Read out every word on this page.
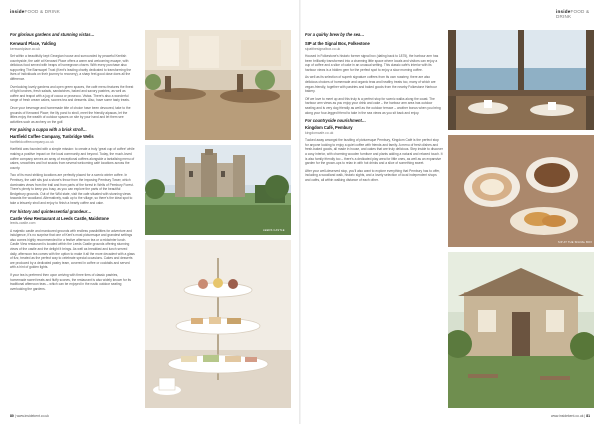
insideFOOD & DRINK	insideFOOD & DRINK
For glorious gardens and stunning vistas…
Kenward Place, Yalding
kenwardplace.co.uk

Set within a beautifully kept Georgian house and surrounded by peaceful Kentish countryside, the café at Kenward Place offers a warm and welcoming escape, with delicious food served with heaps of homegrown charm. With every purchase also supporting The Barnsapel Trust (Kent's leading charity dedicated to transforming the lives of individuals on their journey to recovery), a sharp feel-good dose does all the difference.

Overlooking lovely gardens and open green spaces, the café menu features the finest of light lunches, fresh salads, sandwiches, baked and savory pastries, as well as coffee and teapot with a jug of cocoa or prosecco. Vistas. There's also a wonderful range of fresh cream cakes, scones tea and desserts. Also, have some tasty treats.

Once your beverage and homemade bite of choice have been devoured, take to the grounds of Kenward Place; the lily pond to stroll, meet the friendly alpacas, let the littles enjoy the wealth of outdoor spaces on site by your hand and let them see activities such as archery on the golf.

For pairing a cuppa with a brisk stroll…
Hartfield Coffee Company, Tunbridge Wells
hartfieldcoffeecompany.co.uk

Hartfield was founded with a simple mission: to create a truly 'great cup of coffee' while making a positive impact on the local community and beyond. Today, the much-loved coffee company serves an array of exceptional coffees alongside a tantalising menu of cakes, smoothies and hot snacks from several welcoming café locations across the county.

Two of its most striking locations are perfectly placed for a scenic winter coffee. In Pembury, the café sits just a stone's throw from the imposing Pembury Tower, which dominates views from the trail and from parts of the forest in Wells of Pembury Forest. There's plenty to keep you busy, as you can explore the parts of the beautiful Bedgebury grounds. Out of the Wild state, visit the cafe situated with stunning views towards the woodland. Alternatively, walk up to the village, so there's the ideal spot to take a leisurely stroll and enjoy to finish a hearty coffee and cake.

For history and quintessential grandeur…
Castle View Restaurant at Leeds Castle, Maidstone
leeds-castle.com

A majestic castle and manicured grounds with endless possibilities for adventure and indulgence, it's no surprise that one of Kent's most picturesque and grandest settings also comes highly recommended for a festive afternoon tea or a midwinter lunch. Castle View restaurant is located within the Leeds Castle grounds offering stunning views of the castle and the delight it brings. As well as breakfast and lunch served daily, afternoon tea comes with the option to make it all the more decadent with a glass of fizz, treated as the perfect way to celebrate special occasions. Cakes and desserts are produced by a dedicated pastry team, covered in coffee or cocktails and served with a hint of golden lights.

If your tea is preferred then upon arriving with three tiers of classic pastries, homemade sweet treats and fluffy scones, the restaurant is also widely known for its traditional afternoon teas – which can be enjoyed in the rustic outdoor seating overlooking the gardens.

LEEDS CASTLE
SIP AT THE SIGNAL BOX
For a quirky brew by the sea…
SIP at the Signal Box, Folkestone
sipatthesignalbox.co.uk

Housed in Folkestone's historic former signal box (dating back to 1875), the harbour arm has been brilliantly transformed into a charming little space where locals and visitors can enjoy a cup of coffee and a slice of cake in an unusual setting. This classic cafe's interior with its harbour views is a hidden gem for the perfect spot to enjoy a slow morning coffee.

As well as its selection of superb signature coffees from its own roastery, there are also delicious choices of homemade and organic teas and healthy treats too, many of which are vegan-friendly, together with pastries and baked goods from the nearby Folkestone Harbour bakery.

Off we love to meet up and this truly is a perfect stop for scenic walks along the coast. The harbour arm views as you enjoy your drink and cake – the harbour arm area has outdoor seating and is very dog friendly as well as the outdoor terrace – another bonus when you bring along your four-legged friend to take in the sea views as you sit back and enjoy.

For countryside nourishment…
Kingdom Café, Pembury
kingdomcafe.co.uk

Tucked away amongst the bustling of picturesque Pembury, Kingdom Café is the perfect stop for anyone looking to enjoy a quiet coffee with friends and family. A menu of fresh dishes and fresh-baked goods, all made in house, and cakes that are truly delicious. Step inside to discover a cosy interior, with charming wooden furniture and plants adding a natural and relaxed touch. It is also family friendly too – there's a dedicated play area for little ones, as well as an expansive garden for the grown-ups to relax in with hot drinks and a slice of something sweet.

After your well-deserved stop, you'll also want to explore everything that Pembury has to offer, including a woodland walk, historic sights, and a lovely selection of local independent shops and cafés, all within walking distance of each other.

80 | www.insidekent.co.uk	www.insidekent.co.uk | 81
